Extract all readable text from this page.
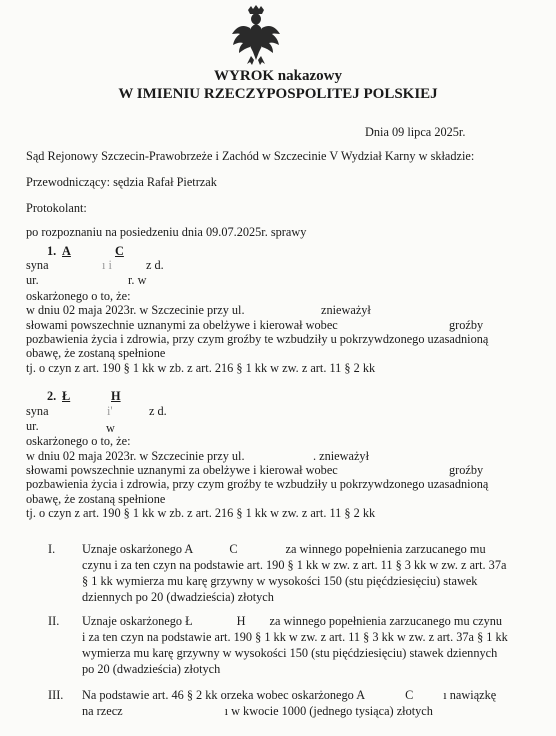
WYROK nakazowy
W IMIENIU RZECZYPOSPOLITEJ POLSKIEJ
Dnia 09 lipca 2025r.
Sąd Rejonowy Szczecin-Prawobrzeże i Zachód w Szczecinie V Wydział Karny w składzie:
Przewodniczący: sędzia Rafał Pietrzak
Protokolant:
po rozpoznaniu na posiedzeniu dnia 09.07.2025r. sprawy
1. A	C
syna	ı i	z d.
ur.	r. w
oskarżonego o to, że:
w dniu 02 maja 2023r. w Szczecinie przy ul.	znieważył
słowami powszechnie uznanymi za obelżywe i kierował wobec	groźby
pozbawienia życia i zdrowia, przy czym groźby te wzbudziły u pokrzywdzonego uzasadnioną
obawę, że zostaną spełnione
tj. o czyn z art. 190 § 1 kk w zb. z art. 216 § 1 kk w zw. z art. 11 § 2 kk
2. Ł	H
syna	i'	z d.
ur.	w
oskarżonego o to, że:
w dniu 02 maja 2023r. w Szczecinie przy ul.	. znieważył
słowami powszechnie uznanymi za obelżywe i kierował wobec	groźby
pozbawienia życia i zdrowia, przy czym groźby te wzbudziły u pokrzywdzonego uzasadnioną
obawę, że zostaną spełnione
tj. o czyn z art. 190 § 1 kk w zb. z art. 216 § 1 kk w zw. z art. 11 § 2 kk
I. Uznaje oskarżonego A	C	za winnego popełnienia zarzucanego mu
czynu i za ten czyn na podstawie art. 190 § 1 kk w zw. z art. 11 § 3 kk w zw. z art. 37a
§ 1 kk wymierza mu karę grzywny w wysokości 150 (stu pięćdziesięciu) stawek
dziennych po 20 (dwadzieścia) złotych
II. Uznaje oskarżonego Ł	H za winnego popełnienia zarzucanego mu czynu
i za ten czyn na podstawie art. 190 § 1 kk w zw. z art. 11 § 3 kk w zw. z art. 37a § 1 kk
wymierza mu karę grzywny w wysokości 150 (stu pięćdziesięciu) stawek dziennych
po 20 (dwadzieścia) złotych
III. Na podstawie art. 46 § 2 kk orzeka wobec oskarżonego A	C ı nawiązkę
na rzecz	ı w kwocie 1000 (jednego tysiąca) złotych
